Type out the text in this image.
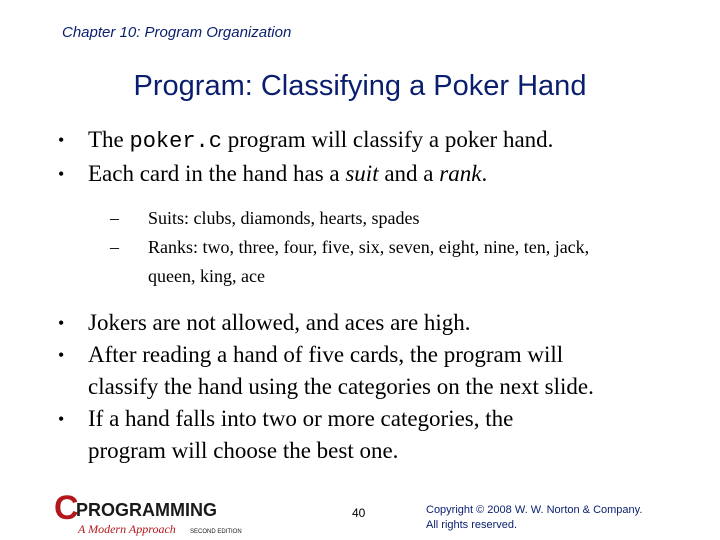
Chapter 10: Program Organization
Program: Classifying a Poker Hand
• The poker.c program will classify a poker hand.
• Each card in the hand has a suit and a rank.
– Suits: clubs, diamonds, hearts, spades
– Ranks: two, three, four, five, six, seven, eight, nine, ten, jack,
queen, king, ace
• Jokers are not allowed, and aces are high.
• After reading a hand of five cards, the program will
classify the hand using the categories on the next slide.
• If a hand falls into two or more categories, the
program will choose the best one.
C
PROGRAMMING
A Modern Approach SECOND EDITION
40	Copyright © 2008 W. W. Norton & Company.
All rights reserved.
